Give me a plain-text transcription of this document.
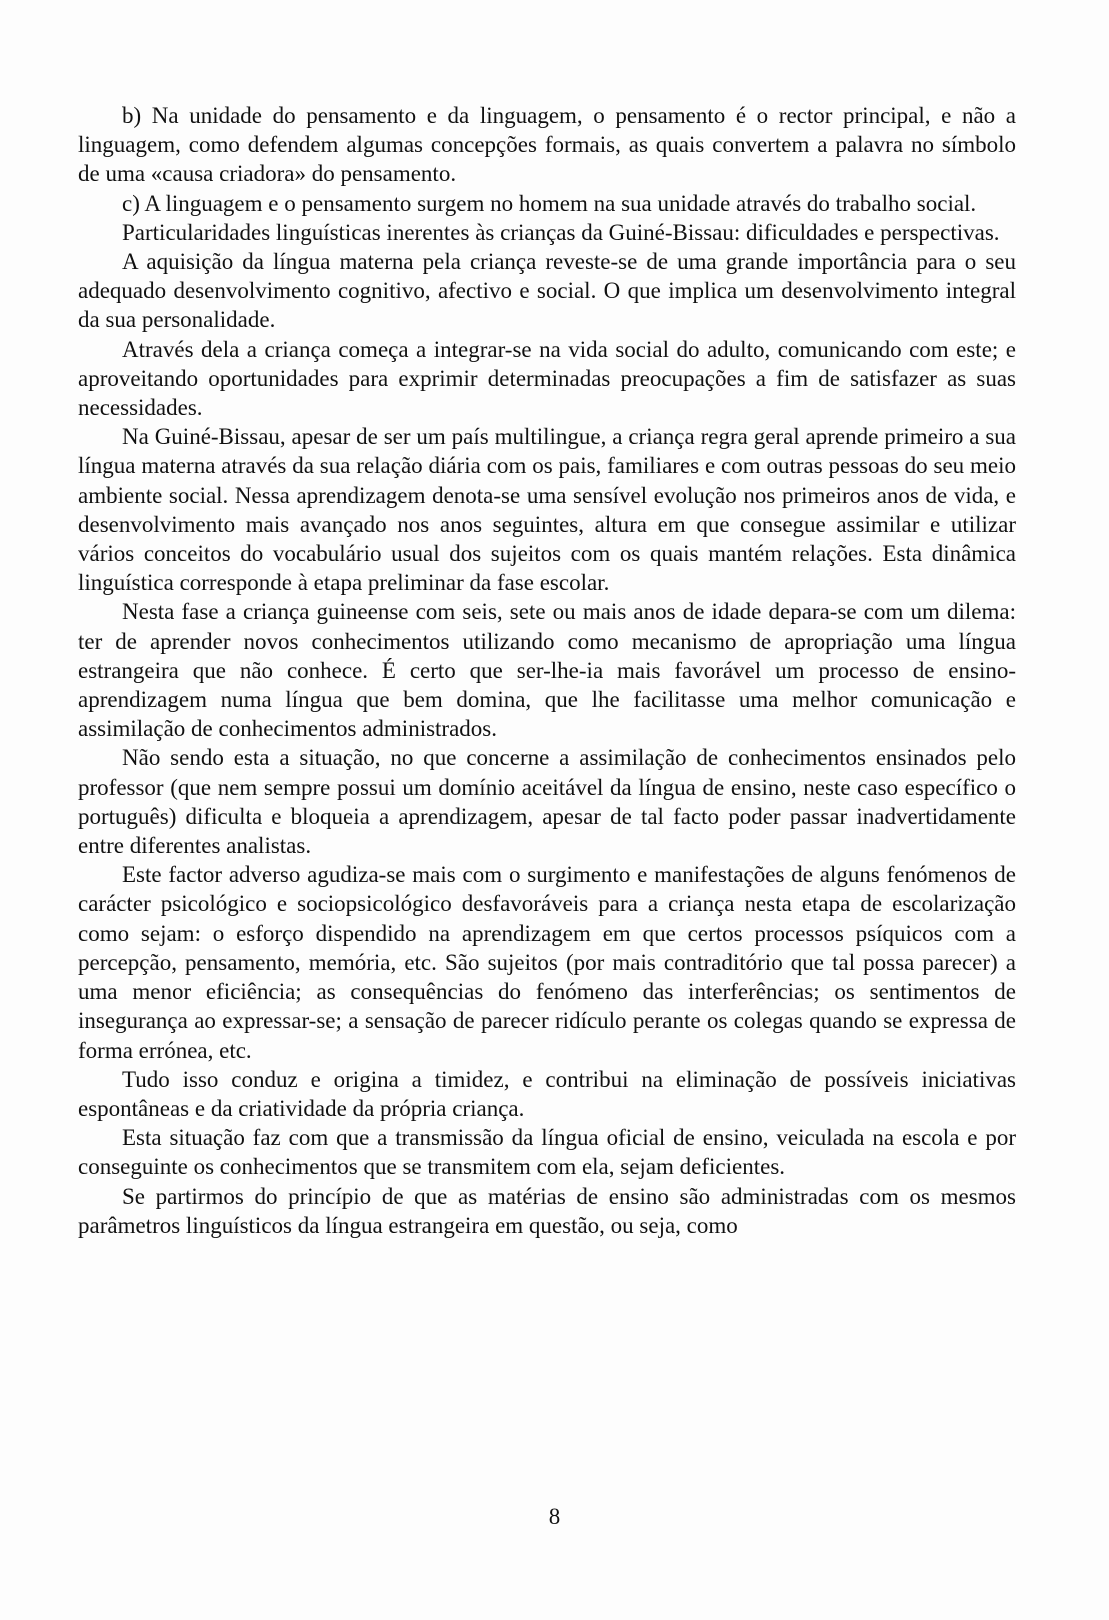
b) Na unidade do pensamento e da linguagem, o pensamento é o rector principal, e não a linguagem, como defendem algumas concepções formais, as quais convertem a palavra no símbolo de uma «causa criadora» do pensamento.

c) A linguagem e o pensamento surgem no homem na sua unidade através do trabalho social.

Particularidades linguísticas inerentes às crianças da Guiné-Bissau: dificuldades e perspectivas.

A aquisição da língua materna pela criança reveste-se de uma grande importância para o seu adequado desenvolvimento cognitivo, afectivo e social. O que implica um desenvolvimento integral da sua personalidade.

Através dela a criança começa a integrar-se na vida social do adulto, comunicando com este; e aproveitando oportunidades para exprimir determinadas preocupações a fim de satisfazer as suas necessidades.

Na Guiné-Bissau, apesar de ser um país multilingue, a criança regra geral aprende primeiro a sua língua materna através da sua relação diária com os pais, familiares e com outras pessoas do seu meio ambiente social. Nessa aprendizagem denota-se uma sensível evolução nos primeiros anos de vida, e desenvolvimento mais avançado nos anos seguintes, altura em que consegue assimilar e utilizar vários conceitos do vocabulário usual dos sujeitos com os quais mantém relações. Esta dinâmica linguística corresponde à etapa preliminar da fase escolar.

Nesta fase a criança guineense com seis, sete ou mais anos de idade depara-se com um dilema: ter de aprender novos conhecimentos utilizando como mecanismo de apropriação uma língua estrangeira que não conhece. É certo que ser-lhe-ia mais favorável um processo de ensino-aprendizagem numa língua que bem domina, que lhe facilitasse uma melhor comunicação e assimilação de conhecimentos administrados.

Não sendo esta a situação, no que concerne a assimilação de conhecimentos ensinados pelo professor (que nem sempre possui um domínio aceitável da língua de ensino, neste caso específico o português) dificulta e bloqueia a aprendizagem, apesar de tal facto poder passar inadvertidamente entre diferentes analistas.

Este factor adverso agudiza-se mais com o surgimento e manifestações de alguns fenómenos de carácter psicológico e sociopsicológico desfavoráveis para a criança nesta etapa de escolarização como sejam: o esforço dispendido na aprendizagem em que certos processos psíquicos com a percepção, pensamento, memória, etc. São sujeitos (por mais contraditório que tal possa parecer) a uma menor eficiência; as consequências do fenómeno das interferências; os sentimentos de insegurança ao expressar-se; a sensação de parecer ridículo perante os colegas quando se expressa de forma errónea, etc.

Tudo isso conduz e origina a timidez, e contribui na eliminação de possíveis iniciativas espontâneas e da criatividade da própria criança.

Esta situação faz com que a transmissão da língua oficial de ensino, veiculada na escola e por conseguinte os conhecimentos que se transmitem com ela, sejam deficientes.

Se partirmos do princípio de que as matérias de ensino são administradas com os mesmos parâmetros linguísticos da língua estrangeira em questão, ou seja, como

8
